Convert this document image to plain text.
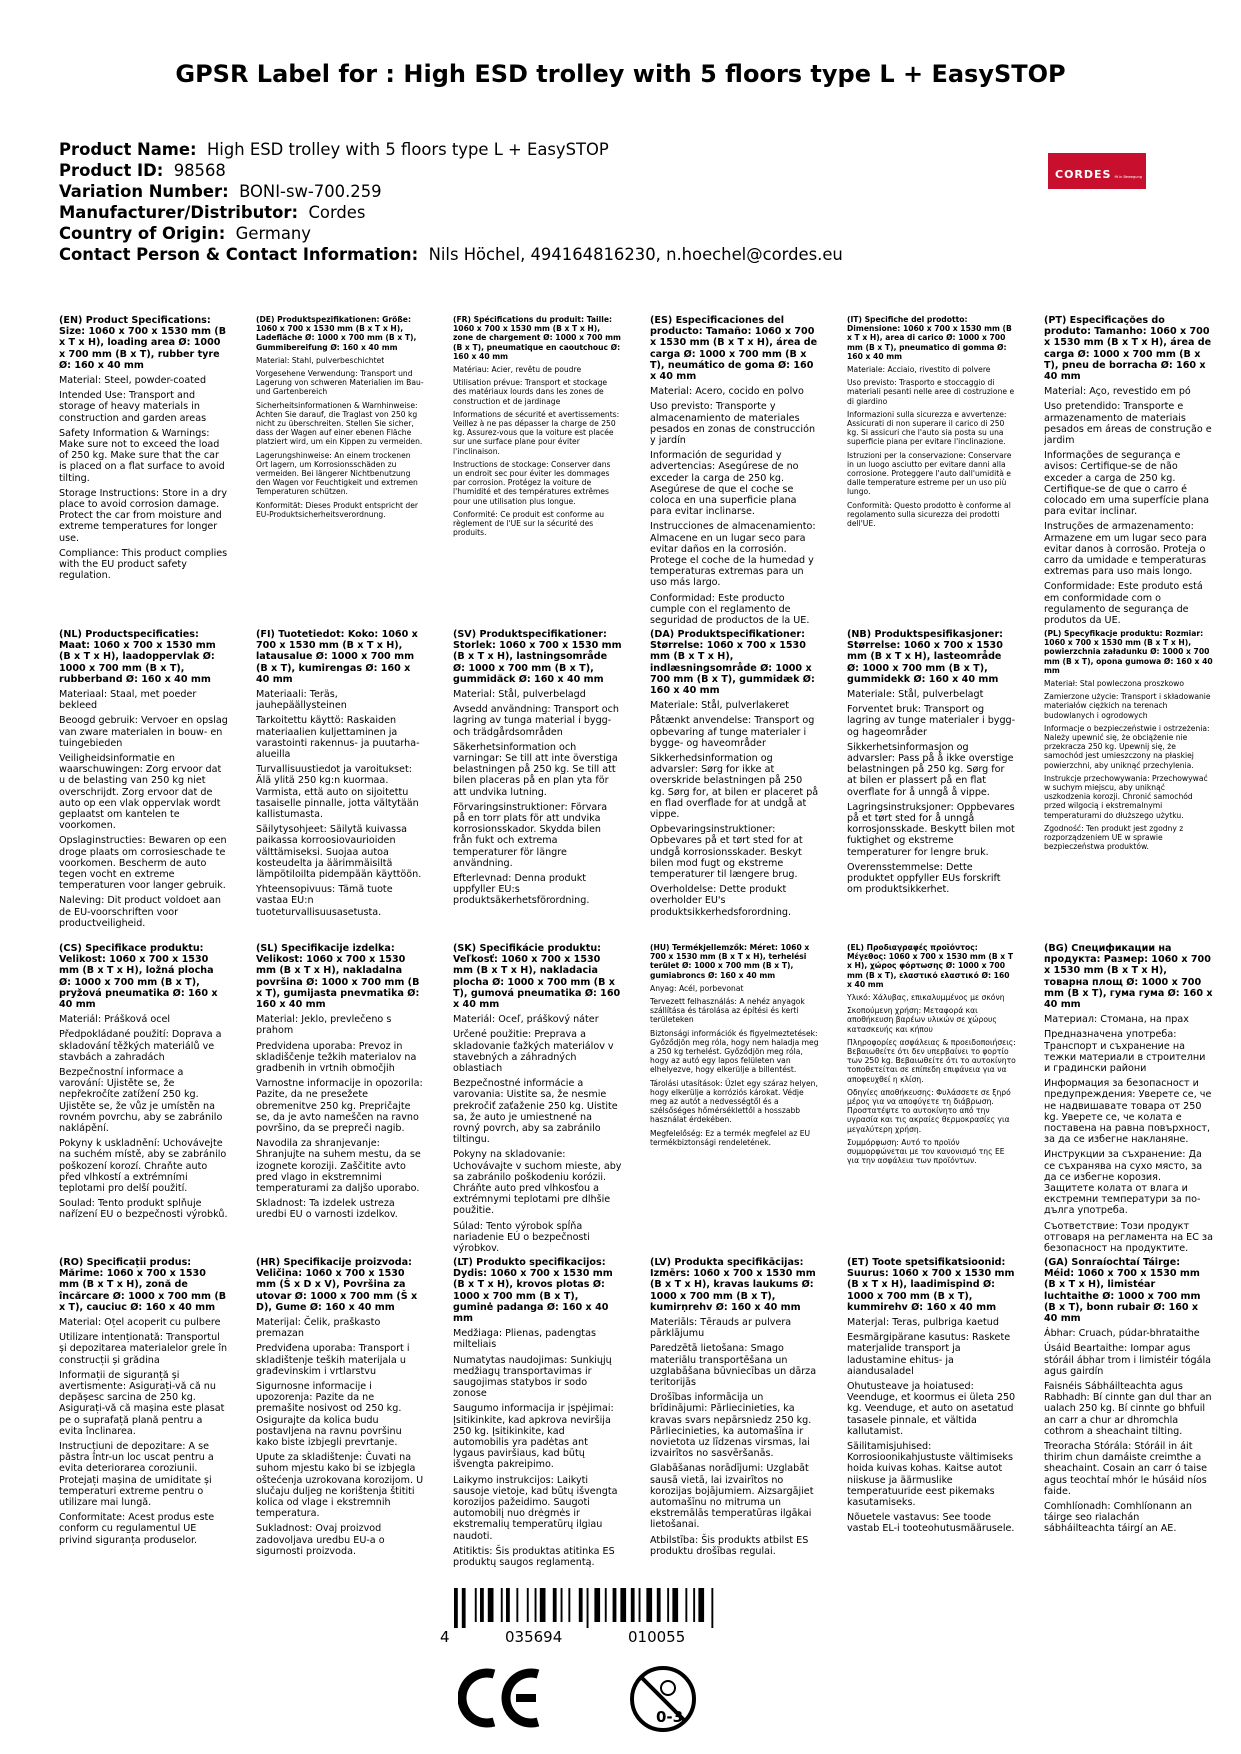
GPSR Label for : High ESD trolley with 5 floors type L + EasySTOP
Product Name: High ESD trolley with 5 floors type L + EasySTOP
Product ID: 98568
Variation Number: BONI-sw-700.259
Manufacturer/Distributor: Cordes
Country of Origin: Germany
Contact Person & Contact Information: Nils Höchel, 494164816230, n.hoechel@cordes.eu
CORDES fit in Bewegung

(EN) Product Specifications: Size: 1060 x 700 x 1530 mm (B x T x H), loading area Ø: 1000 x 700 mm (B x T), rubber tyre Ø: 160 x 40 mm

Material: Steel, powder-coated

Intended Use: Transport and storage of heavy materials in construction and garden areas

Safety Information & Warnings: Make sure not to exceed the load of 250 kg. Make sure that the car is placed on a flat surface to avoid tilting.

Storage Instructions: Store in a dry place to avoid corrosion damage. Protect the car from moisture and extreme temperatures for longer use.

Compliance: This product complies with the EU product safety regulation.

(DE) Produktspezifikationen: Größe: 1060 x 700 x 1530 mm (B x T x H), Ladefläche Ø: 1000 x 700 mm (B x T), Gummibereifung Ø: 160 x 40 mm

Material: Stahl, pulverbeschichtet

Vorgesehene Verwendung: Transport und Lagerung von schweren Materialien im Bau- und Gartenbereich

Sicherheitsinformationen & Warnhinweise: Achten Sie darauf, die Traglast von 250 kg nicht zu überschreiten. Stellen Sie sicher, dass der Wagen auf einer ebenen Fläche platziert wird, um ein Kippen zu vermeiden.

Lagerungshinweise: An einem trockenen Ort lagern, um Korrosionsschäden zu vermeiden. Bei längerer Nichtbenutzung den Wagen vor Feuchtigkeit und extremen Temperaturen schützen.

Konformität: Dieses Produkt entspricht der EU-Produktsicherheitsverordnung.

(FR) Spécifications du produit: Taille: 1060 x 700 x 1530 mm (B x T x H), zone de chargement Ø: 1000 x 700 mm (B x T), pneumatique en caoutchouc Ø: 160 x 40 mm

Matériau: Acier, revêtu de poudre

Utilisation prévue: Transport et stockage des matériaux lourds dans les zones de construction et de jardinage

Informations de sécurité et avertissements: Veillez à ne pas dépasser la charge de 250 kg. Assurez-vous que la voiture est placée sur une surface plane pour éviter l'inclinaison.

Instructions de stockage: Conserver dans un endroit sec pour éviter les dommages par corrosion. Protégez la voiture de l'humidité et des températures extrêmes pour une utilisation plus longue.

Conformité: Ce produit est conforme au règlement de l'UE sur la sécurité des produits.

(ES) Especificaciones del producto: Tamaño: 1060 x 700 x 1530 mm (B x T x H), área de carga Ø: 1000 x 700 mm (B x T), neumático de goma Ø: 160 x 40 mm

Material: Acero, cocido en polvo

Uso previsto: Transporte y almacenamiento de materiales pesados en zonas de construcción y jardín

Información de seguridad y advertencias: Asegúrese de no exceder la carga de 250 kg. Asegúrese de que el coche se coloca en una superficie plana para evitar inclinarse.

Instrucciones de almacenamiento: Almacene en un lugar seco para evitar daños en la corrosión. Protege el coche de la humedad y temperaturas extremas para un uso más largo.

Conformidad: Este producto cumple con el reglamento de seguridad de productos de la UE.

(IT) Specifiche del prodotto: Dimensione: 1060 x 700 x 1530 mm (B x T x H), area di carico Ø: 1000 x 700 mm (B x T), pneumatico di gomma Ø: 160 x 40 mm

Materiale: Acciaio, rivestito di polvere

Uso previsto: Trasporto e stoccaggio di materiali pesanti nelle aree di costruzione e di giardino

Informazioni sulla sicurezza e avvertenze: Assicurati di non superare il carico di 250 kg. Si assicuri che l'auto sia posta su una superficie piana per evitare l'inclinazione.

Istruzioni per la conservazione: Conservare in un luogo asciutto per evitare danni alla corrosione. Proteggere l'auto dall'umidità e dalle temperature estreme per un uso più lungo.

Conformità: Questo prodotto è conforme al regolamento sulla sicurezza dei prodotti dell'UE.

(PT) Especificações do produto: Tamanho: 1060 x 700 x 1530 mm (B x T x H), área de carga Ø: 1000 x 700 mm (B x T), pneu de borracha Ø: 160 x 40 mm

Material: Aço, revestido em pó

Uso pretendido: Transporte e armazenamento de materiais pesados em áreas de construção e jardim

Informações de segurança e avisos: Certifique-se de não exceder a carga de 250 kg. Certifique-se de que o carro é colocado em uma superfície plana para evitar inclinar.

Instruções de armazenamento: Armazene em um lugar seco para evitar danos à corrosão. Proteja o carro da umidade e temperaturas extremas para uso mais longo.

Conformidade: Este produto está em conformidade com o regulamento de segurança de produtos da UE.

(NL) Productspecificaties: Maat: 1060 x 700 x 1530 mm (B x T x H), laadoppervlak Ø: 1000 x 700 mm (B x T), rubberband Ø: 160 x 40 mm

Materiaal: Staal, met poeder bekleed

Beoogd gebruik: Vervoer en opslag van zware materialen in bouw- en tuingebieden

Veiligheidsinformatie en waarschuwingen: Zorg ervoor dat u de belasting van 250 kg niet overschrijdt. Zorg ervoor dat de auto op een vlak oppervlak wordt geplaatst om kantelen te voorkomen.

Opslaginstructies: Bewaren op een droge plaats om corrosieschade te voorkomen. Bescherm de auto tegen vocht en extreme temperaturen voor langer gebruik.

Naleving: Dit product voldoet aan de EU-voorschriften voor productveiligheid.

(FI) Tuotetiedot: Koko: 1060 x 700 x 1530 mm (B x T x H), latausalue Ø: 1000 x 700 mm (B x T), kumirengas Ø: 160 x 40 mm

Materiaali: Teräs, jauhepäällysteinen

Tarkoitettu käyttö: Raskaiden materiaalien kuljettaminen ja varastointi rakennus- ja puutarha-alueilla

Turvallisuustiedot ja varoitukset: Älä ylitä 250 kg:n kuormaa. Varmista, että auto on sijoitettu tasaiselle pinnalle, jotta vältytään kallistumasta.

Säilytysohjeet: Säilytä kuivassa paikassa korroosiovaurioiden välttämiseksi. Suojaa autoa kosteudelta ja äärimmäisiltä lämpötiloilta pidempään käyttöön.

Yhteensopivuus: Tämä tuote vastaa EU:n tuoteturvallisuusasetusta.

(SV) Produktspecifikationer: Storlek: 1060 x 700 x 1530 mm (B x T x H), lastningsområde Ø: 1000 x 700 mm (B x T), gummidäck Ø: 160 x 40 mm

Material: Stål, pulverbelagd

Avsedd användning: Transport och lagring av tunga material i bygg- och trädgårdsområden

Säkerhetsinformation och varningar: Se till att inte överstiga belastningen på 250 kg. Se till att bilen placeras på en plan yta för att undvika lutning.

Förvaringsinstruktioner: Förvara på en torr plats för att undvika korrosionsskador. Skydda bilen från fukt och extrema temperaturer för längre användning.

Efterlevnad: Denna produkt uppfyller EU:s produktsäkerhetsförordning.

(DA) Produktspecifikationer: Størrelse: 1060 x 700 x 1530 mm (B x T x H), indlæsningsområde Ø: 1000 x 700 mm (B x T), gummidæk Ø: 160 x 40 mm

Materiale: Stål, pulverlakeret

Påtænkt anvendelse: Transport og opbevaring af tunge materialer i bygge- og haveområder

Sikkerhedsinformation og advarsler: Sørg for ikke at overskride belastningen på 250 kg. Sørg for, at bilen er placeret på en flad overflade for at undgå at vippe.

Opbevaringsinstruktioner: Opbevares på et tørt sted for at undgå korrosionsskader. Beskyt bilen mod fugt og ekstreme temperaturer til længere brug.

Overholdelse: Dette produkt overholder EU's produktsikkerhedsforordning.

(NB) Produktspesifikasjoner: Størrelse: 1060 x 700 x 1530 mm (B x T x H), lasteområde Ø: 1000 x 700 mm (B x T), gummidekk Ø: 160 x 40 mm

Materiale: Stål, pulverbelagt

Forventet bruk: Transport og lagring av tunge materialer i bygg- og hageområder

Sikkerhetsinformasjon og advarsler: Pass på å ikke overstige belastningen på 250 kg. Sørg for at bilen er plassert på en flat overflate for å unngå å vippe.

Lagringsinstruksjoner: Oppbevares på et tørt sted for å unngå korrosjonsskade. Beskytt bilen mot fuktighet og ekstreme temperaturer for lengre bruk.

Overensstemmelse: Dette produktet oppfyller EUs forskrift om produktsikkerhet.

(PL) Specyfikacje produktu: Rozmiar: 1060 x 700 x 1530 mm (B x T x H), powierzchnia załadunku Ø: 1000 x 700 mm (B x T), opona gumowa Ø: 160 x 40 mm

Materiał: Stal powleczona proszkowo

Zamierzone użycie: Transport i składowanie materiałów ciężkich na terenach budowlanych i ogrodowych

Informacje o bezpieczeństwie i ostrzeżenia: Należy upewnić się, że obciążenie nie przekracza 250 kg. Upewnij się, że samochód jest umieszczony na płaskiej powierzchni, aby uniknąć przechylenia.

Instrukcje przechowywania: Przechowywać w suchym miejscu, aby uniknąć uszkodzenia korozji. Chronić samochód przed wilgocią i ekstremalnymi temperaturami do dłuższego użytku.

Zgodność: Ten produkt jest zgodny z rozporządzeniem UE w sprawie bezpieczeństwa produktów.

(CS) Specifikace produktu: Velikost: 1060 x 700 x 1530 mm (B x T x H), ložná plocha Ø: 1000 x 700 mm (B x T), pryžová pneumatika Ø: 160 x 40 mm

Materiál: Prášková ocel

Předpokládané použití: Doprava a skladování těžkých materiálů ve stavbách a zahradách

Bezpečnostní informace a varování: Ujistěte se, že nepřekročíte zatížení 250 kg. Ujistěte se, že vůz je umístěn na rovném povrchu, aby se zabránilo naklápění.

Pokyny k uskladnění: Uchovávejte na suchém místě, aby se zabránilo poškození korozí. Chraňte auto před vlhkostí a extrémními teplotami pro delší použití.

Soulad: Tento produkt splňuje nařízení EU o bezpečnosti výrobků.

(SL) Specifikacije izdelka: Velikost: 1060 x 700 x 1530 mm (B x T x H), nakladalna površina Ø: 1000 x 700 mm (B x T), gumijasta pnevmatika Ø: 160 x 40 mm

Material: Jeklo, prevlečeno s prahom

Predvidena uporaba: Prevoz in skladiščenje težkih materialov na gradbenih in vrtnih območjih

Varnostne informacije in opozorila: Pazite, da ne presežete obremenitve 250 kg. Prepričajte se, da je avto nameščen na ravno površino, da se prepreči nagib.

Navodila za shranjevanje: Shranjujte na suhem mestu, da se izognete koroziji. Zaščitite avto pred vlago in ekstremnimi temperaturami za daljšo uporabo.

Skladnost: Ta izdelek ustreza uredbi EU o varnosti izdelkov.

(SK) Špecifikácie produktu: Veľkosť: 1060 x 700 x 1530 mm (B x T x H), nakladacia plocha Ø: 1000 x 700 mm (B x T), gumová pneumatika Ø: 160 x 40 mm

Materiál: Oceľ, práškový náter

Určené použitie: Preprava a skladovanie ťažkých materiálov v stavebných a záhradných oblastiach

Bezpečnostné informácie a varovania: Uistite sa, že nesmie prekročiť zaťaženie 250 kg. Uistite sa, že auto je umiestnené na rovný povrch, aby sa zabránilo tiltingu.

Pokyny na skladovanie: Uchovávajte v suchom mieste, aby sa zabránilo poškodeniu korózii. Chráňte auto pred vlhkosťou a extrémnymi teplotami pre dlhšie použitie.

Súlad: Tento výrobok spĺňa nariadenie EÚ o bezpečnosti výrobkov.

(HU) Termékjellemzők: Méret: 1060 x 700 x 1530 mm (B x T x H), terhelési terület Ø: 1000 x 700 mm (B x T), gumiabroncs Ø: 160 x 40 mm

Anyag: Acél, porbevonat

Tervezett felhasználás: A nehéz anyagok szállítása és tárolása az építési és kerti területeken

Biztonsági információk és figyelmeztetések: Győződjön meg róla, hogy nem haladja meg a 250 kg terhelést. Győződjön meg róla, hogy az autó egy lapos felületen van elhelyezve, hogy elkerülje a billentést.

Tárolási utasítások: Üzlet egy száraz helyen, hogy elkerülje a korróziós károkat. Védje meg az autót a nedvességtől és a szélsőséges hőmérséklettől a hosszabb használat érdekében.

Megfelelőség: Ez a termék megfelel az EU termékbiztonsági rendeletének.

(EL) Προδιαγραφές προϊόντος: Μέγεθος: 1060 x 700 x 1530 mm (B x T x H), χώρος φόρτωσης Ø: 1000 x 700 mm (B x T), ελαστικό ελαστικό Ø: 160 x 40 mm

Υλικό: Χάλυβας, επικαλυμμένος με σκόνη

Σκοπούμενη χρήση: Μεταφορά και αποθήκευση βαρέων υλικών σε χώρους κατασκευής και κήπου

Πληροφορίες ασφάλειας & προειδοποιήσεις: Βεβαιωθείτε ότι δεν υπερβαίνει το φορτίο των 250 kg. Βεβαιωθείτε ότι το αυτοκίνητο τοποθετείται σε επίπεδη επιφάνεια για να αποφευχθεί η κλίση.

Οδηγίες αποθήκευσης: Φυλάσσετε σε ξηρό μέρος για να αποφύγετε τη διάβρωση. Προστατέψτε το αυτοκίνητο από την υγρασία και τις ακραίες θερμοκρασίες για μεγαλύτερη χρήση.

Συμμόρφωση: Αυτό το προϊόν συμμορφώνεται με τον κανονισμό της ΕΕ για την ασφάλεια των προϊόντων.

(BG) Спецификации на продукта: Размер: 1060 x 700 x 1530 mm (B x T x H), товарна площ Ø: 1000 x 700 mm (B x T), гума гума Ø: 160 x 40 mm

Материал: Стомана, на прах

Предназначена употреба: Транспорт и съхранение на тежки материали в строителни и градински райони

Информация за безопасност и предупреждения: Уверете се, че не надвишавате товара от 250 kg. Уверете се, че колата е поставена на равна повърхност, за да се избегне накланяне.

Инструкции за съхранение: Да се съхранява на сухо място, за да се избегне корозия. Защитете колата от влага и екстремни температури за по-дълга употреба.

Съответствие: Този продукт отговаря на регламента на ЕС за безопасност на продуктите.

(RO) Specificații produs: Mărime: 1060 x 700 x 1530 mm (B x T x H), zonă de încărcare Ø: 1000 x 700 mm (B x T), cauciuc Ø: 160 x 40 mm

Material: Oțel acoperit cu pulbere

Utilizare intenționată: Transportul și depozitarea materialelor grele în construcții și grădina

Informații de siguranță și avertismente: Asigurați-vă că nu depășesc sarcina de 250 kg. Asigurați-vă că mașina este plasat pe o suprafață plană pentru a evita înclinarea.

Instrucțiuni de depozitare: A se păstra într-un loc uscat pentru a evita deteriorarea coroziunii. Protejați mașina de umiditate și temperaturi extreme pentru o utilizare mai lungă.

Conformitate: Acest produs este conform cu regulamentul UE privind siguranța produselor.

(HR) Specifikacije proizvoda: Veličina: 1060 x 700 x 1530 mm (Š x D x V), Površina za utovar Ø: 1000 x 700 mm (Š x D), Gume Ø: 160 x 40 mm

Materijal: Čelik, praškasto premazan

Predviđena uporaba: Transport i skladištenje teških materijala u građevinskim i vrtlarstvu

Sigurnosne informacije i upozorenja: Pazite da ne premašite nosivost od 250 kg. Osigurajte da kolica budu postavljena na ravnu površinu kako biste izbjegli prevrtanje.

Upute za skladištenje: Čuvati na suhom mjestu kako bi se izbjegla oštećenja uzrokovana korozijom. U slučaju duljeg ne korištenja štititi kolica od vlage i ekstremnih temperatura.

Sukladnost: Ovaj proizvod zadovoljava uredbu EU-a o sigurnosti proizvoda.

(LT) Produkto specifikacijos: Dydis: 1060 x 700 x 1530 mm (B x T x H), krovos plotas Ø: 1000 x 700 mm (B x T), guminė padanga Ø: 160 x 40 mm

Medžiaga: Plienas, padengtas milteliais

Numatytas naudojimas: Sunkiųjų medžiagų transportavimas ir saugojimas statybos ir sodo zonose

Saugumo informacija ir įspėjimai: Įsitikinkite, kad apkrova neviršija 250 kg. Įsitikinkite, kad automobilis yra padėtas ant lygaus paviršiaus, kad būtų išvengta pakreipimo.

Laikymo instrukcijos: Laikyti sausoje vietoje, kad būtų išvengta korozijos pažeidimo. Saugoti automobilį nuo drėgmės ir ekstremalių temperatūrų ilgiau naudoti.

Atitiktis: Šis produktas atitinka ES produktų saugos reglamentą.

(LV) Produkta specifikācijas: Izmērs: 1060 x 700 x 1530 mm (B x T x H), kravas laukums Ø: 1000 x 700 mm (B x T), kumirņrehv Ø: 160 x 40 mm

Materiāls: Tērauds ar pulvera pārklājumu

Paredzētā lietošana: Smago materiālu transportēšana un uzglabāšana būvniecības un dārza teritorijās

Drošības informācija un brīdinājumi: Pārliecinieties, ka kravas svars nepārsniedz 250 kg. Pārliecinieties, ka automašīna ir novietota uz līdzenas virsmas, lai izvairītos no sasvēršanās.

Glabāšanas norādījumi: Uzglabāt sausā vietā, lai izvairītos no korozijas bojājumiem. Aizsargājiet automašīnu no mitruma un ekstremālās temperatūras ilgākai lietošanai.

Atbilstība: Šis produkts atbilst ES produktu drošības regulai.

(ET) Toote spetsifikatsioonid: Suurus: 1060 x 700 x 1530 mm (B x T x H), laadimispind Ø: 1000 x 700 mm (B x T), kummirehv Ø: 160 x 40 mm

Materjal: Teras, pulbriga kaetud

Eesmärgipärane kasutus: Raskete materjalide transport ja ladustamine ehitus- ja aiandusaladel

Ohutusteave ja hoiatused: Veenduge, et koormus ei ületa 250 kg. Veenduge, et auto on asetatud tasasele pinnale, et vältida kallutamist.

Säilitamisjuhised: Korrosioonikahjustuste vältimiseks hoida kuivas kohas. Kaitse autot niiskuse ja äärmuslike temperatuuride eest pikemaks kasutamiseks.

Nõuetele vastavus: See toode vastab EL-i tooteohutusmäärusele.

(GA) Sonraíochtaí Táirge: Méid: 1060 x 700 x 1530 mm (B x T x H), limistéar luchtaithe Ø: 1000 x 700 mm (B x T), bonn rubair Ø: 160 x 40 mm

Ábhar: Cruach, púdar-bhrataithe

Úsáid Beartaithe: Iompar agus stóráil ábhar trom i limistéir tógála agus gairdín

Faisnéis Sábháilteachta agus Rabhadh: Bí cinnte gan dul thar an ualach 250 kg. Bí cinnte go bhfuil an carr a chur ar dhromchla cothrom a sheachaint tilting.

Treoracha Stórála: Stóráil in áit thirim chun damáiste creimthe a sheachaint. Cosain an carr ó taise agus teochtaí mhór le húsáid níos faide.

Comhlíonadh: Comhlíonann an táirge seo rialachán sábháilteachta táirgí an AE.

4	035694	010055
0-3
